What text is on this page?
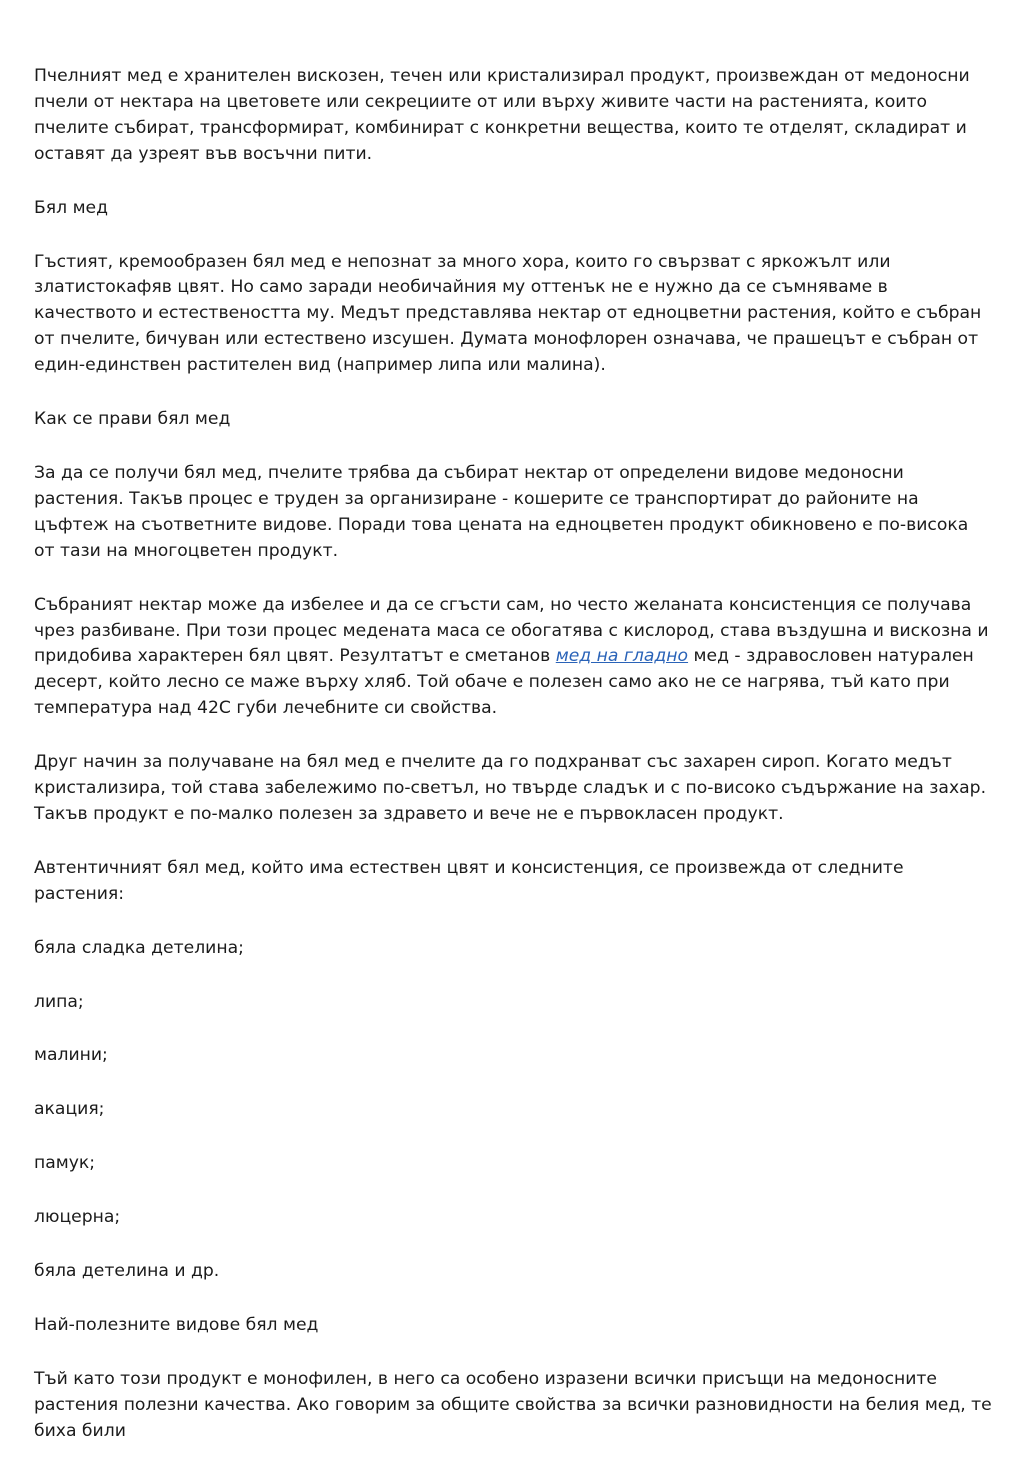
Пчелният мед е хранителен вискозен, течен или кристализирал продукт, произвеждан от медоносни пчели от нектара на цветовете или секрециите от или върху живите части на растенията, които пчелите събират, трансформират, комбинират с конкретни вещества, които те отделят, складират и оставят да узреят във восъчни пити.

Бял мед

Гъстият, кремообразен бял мед е непознат за много хора, които го свързват с яркожълт или златистокафяв цвят. Но само заради необичайния му оттенък не е нужно да се съмняваме в качеството и естествеността му. Медът представлява нектар от едноцветни растения, който е събран от пчелите, бичуван или естествено изсушен. Думата монофлорен означава, че прашецът е събран от един-единствен растителен вид (например липа или малина).

Как се прави бял мед

За да се получи бял мед, пчелите трябва да събират нектар от определени видове медоносни растения. Такъв процес е труден за организиране - кошерите се транспортират до районите на цъфтеж на съответните видове. Поради това цената на едноцветен продукт обикновено е по-висока от тази на многоцветен продукт.

Събраният нектар може да избелее и да се сгъсти сам, но често желаната консистенция се получава чрез разбиване. При този процес медената маса се обогатява с кислород, става въздушна и вискозна и придобива характерен бял цвят. Резултатът е сметанов мед на гладно мед - здравословен натурален десерт, който лесно се маже върху хляб. Той обаче е полезен само ако не се нагрява, тъй като при температура над 42С губи лечебните си свойства.

Друг начин за получаване на бял мед е пчелите да го подхранват със захарен сироп. Когато медът кристализира, той става забележимо по-светъл, но твърде сладък и с по-високо съдържание на захар. Такъв продукт е по-малко полезен за здравето и вече не е първокласен продукт.

Автентичният бял мед, който има естествен цвят и консистенция, се произвежда от следните растения:

бяла сладка детелина;

липа;

малини;

акация;

памук;

люцерна;

бяла детелина и др.

Най-полезните видове бял мед

Тъй като този продукт е монофилен, в него са особено изразени всички присъщи на медоносните растения полезни качества. Ако говорим за общите свойства за всички разновидности на белия мед, те биха били
